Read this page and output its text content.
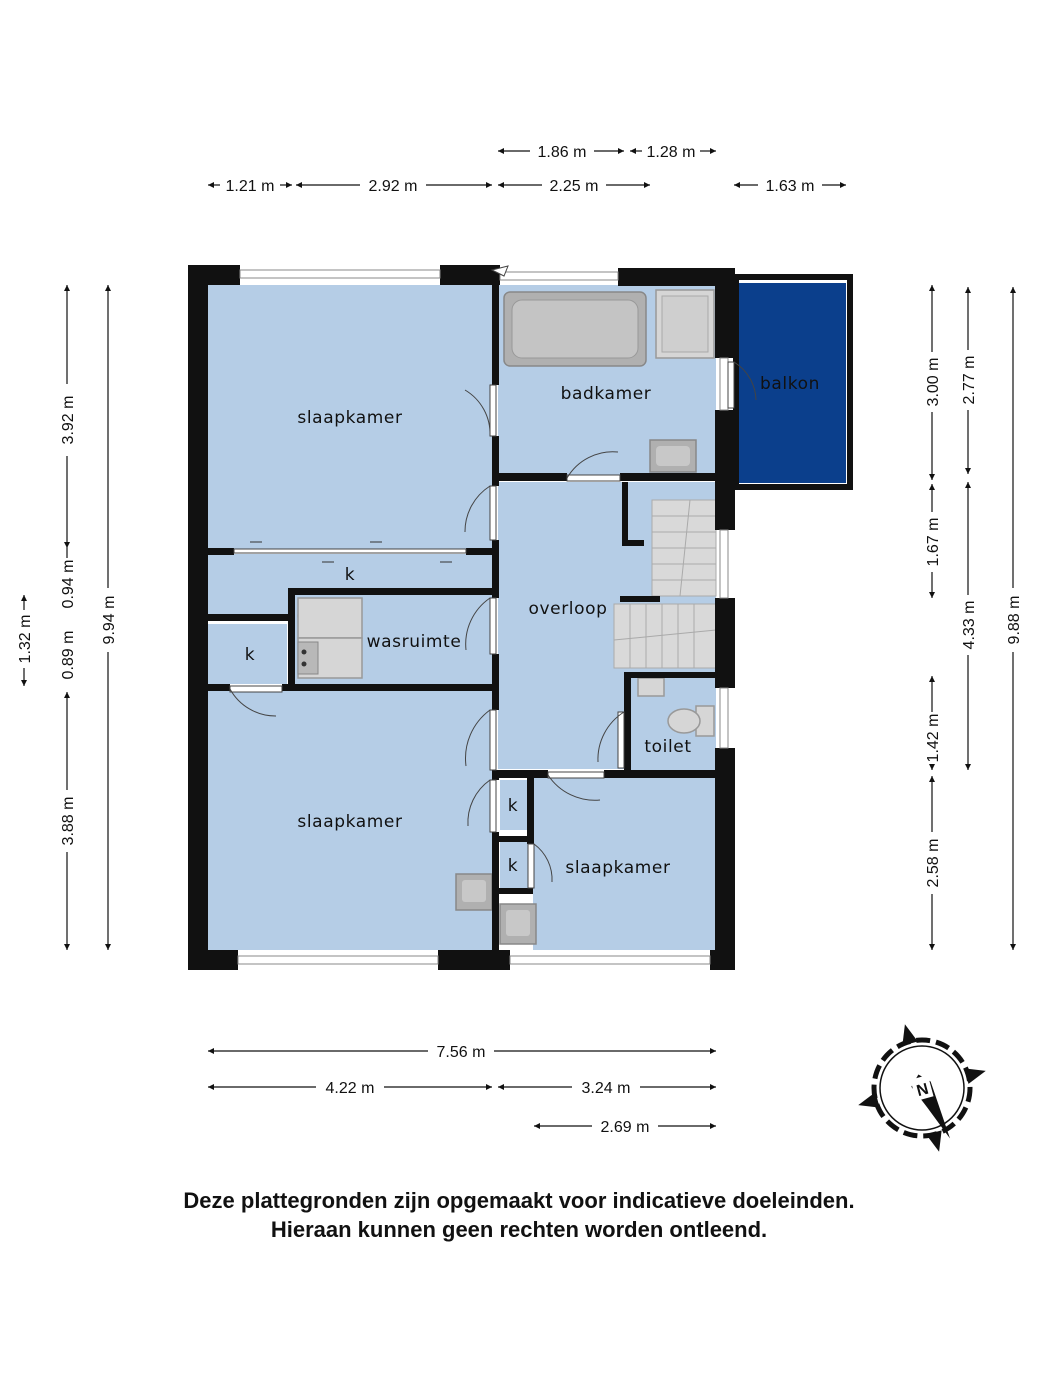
slaapkamer
badkamer	balkon
k
wasruimte
k
overloop
toilet
slaapkamer
k
k	slaapkamer
1.86 m	1.28 m
1.21 m	2.92 m	2.25 m	1.63 m
1.32 m
3.92 m
0.94 m
0.89 m
3.88 m
9.94 m
3.00 m
1.67 m
1.42 m
2.58 m
2.77 m
4.33 m 9.88 m
7.56 m
4.22 m	3.24 m
2.69 m
N
Deze plattegronden zijn opgemaakt voor indicatieve doeleinden.
Hieraan kunnen geen rechten worden ontleend.
